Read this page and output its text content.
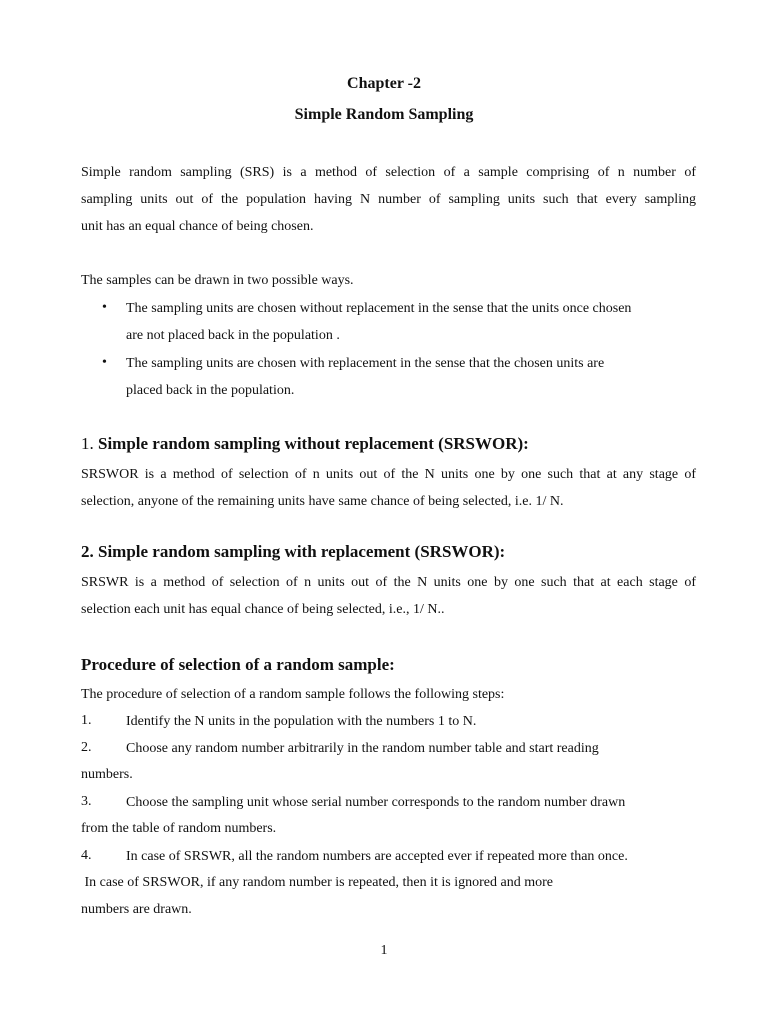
Chapter -2
Simple Random Sampling

Simple random sampling (SRS) is a method of selection of a sample comprising of n number of

sampling units out of the population having N number of sampling units such that every sampling

unit has an equal chance of being chosen.

The samples can be drawn in two possible ways.

• The sampling units are chosen without replacement in the sense that the units once chosen

are not placed back in the population .

• The sampling units are chosen with replacement in the sense that the chosen units are

placed back in the population.

1. Simple random sampling without replacement (SRSWOR):

SRSWOR is a method of selection of n units out of the N units one by one such that at any stage of

selection, anyone of the remaining units have same chance of being selected, i.e. 1/ N.

2. Simple random sampling with replacement (SRSWOR):

SRSWR is a method of selection of n units out of the N units one by one such that at each stage of

selection each unit has equal chance of being selected, i.e., 1/ N..

Procedure of selection of a random sample:

The procedure of selection of a random sample follows the following steps:

1. Identify the N units in the population with the numbers 1 to N.

2. Choose any random number arbitrarily in the random number table and start reading

numbers.
3. Choose the sampling unit whose serial number corresponds to the random number drawn

from the table of random numbers.
4. In case of SRSWR, all the random numbers are accepted ever if repeated more than once.

In case of SRSWOR, if any random number is repeated, then it is ignored and more
numbers are drawn.
1
